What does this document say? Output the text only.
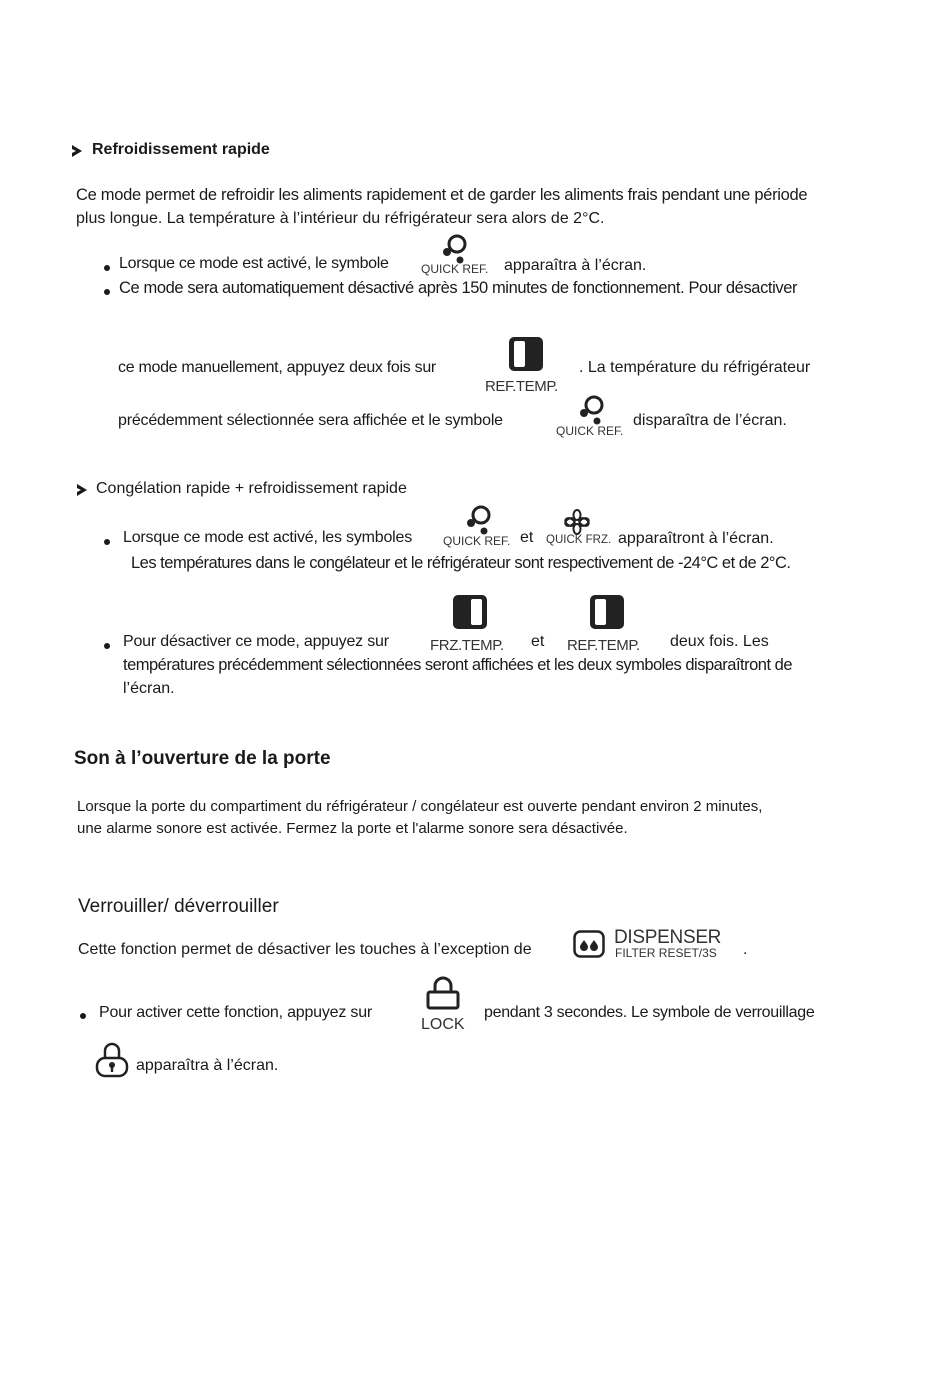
Refroidissement rapide
Ce mode permet de refroidir les aliments rapidement et de garder les aliments frais pendant une période
plus longue. La température à l’intérieur du réfrigérateur sera alors de 2°C.
Lorsque ce mode est activé, le symbole	QUICK REF. apparaîtra à l’écran.
Ce mode sera automatiquement désactivé après 150 minutes de fonctionnement. Pour désactiver
ce mode manuellement, appuyez deux fois sur
REF.TEMP.
. La température du réfrigérateur
précédemment sélectionnée sera affichée et le symbole
QUICK REF.
disparaîtra de l’écran.
Congélation rapide + refroidissement rapide
Lorsque ce mode est activé, les symboles	QUICK REF. et QUICK FRZ. apparaîtront à l’écran.
Les températures dans le congélateur et le réfrigérateur sont respectivement de -24°C et de 2°C.
Pour désactiver ce mode, appuyez sur	FRZ.TEMP. et REF.TEMP. deux fois. Les
températures précédemment sélectionnées seront affichées et les deux symboles disparaîtront de
l’écran.
Son à l’ouverture de la porte
Lorsque la porte du compartiment du réfrigérateur / congélateur est ouverte pendant environ 2 minutes,
une alarme sonore est activée. Fermez la porte et l'alarme sonore sera désactivée.
Verrouiller/ déverrouiller
Cette fonction permet de désactiver les touches à l’exception de
DISPENSER
FILTER RESET/3S .
Pour activer cette fonction, appuyez sur
LOCK
pendant 3 secondes. Le symbole de verrouillage
apparaîtra à l’écran.
